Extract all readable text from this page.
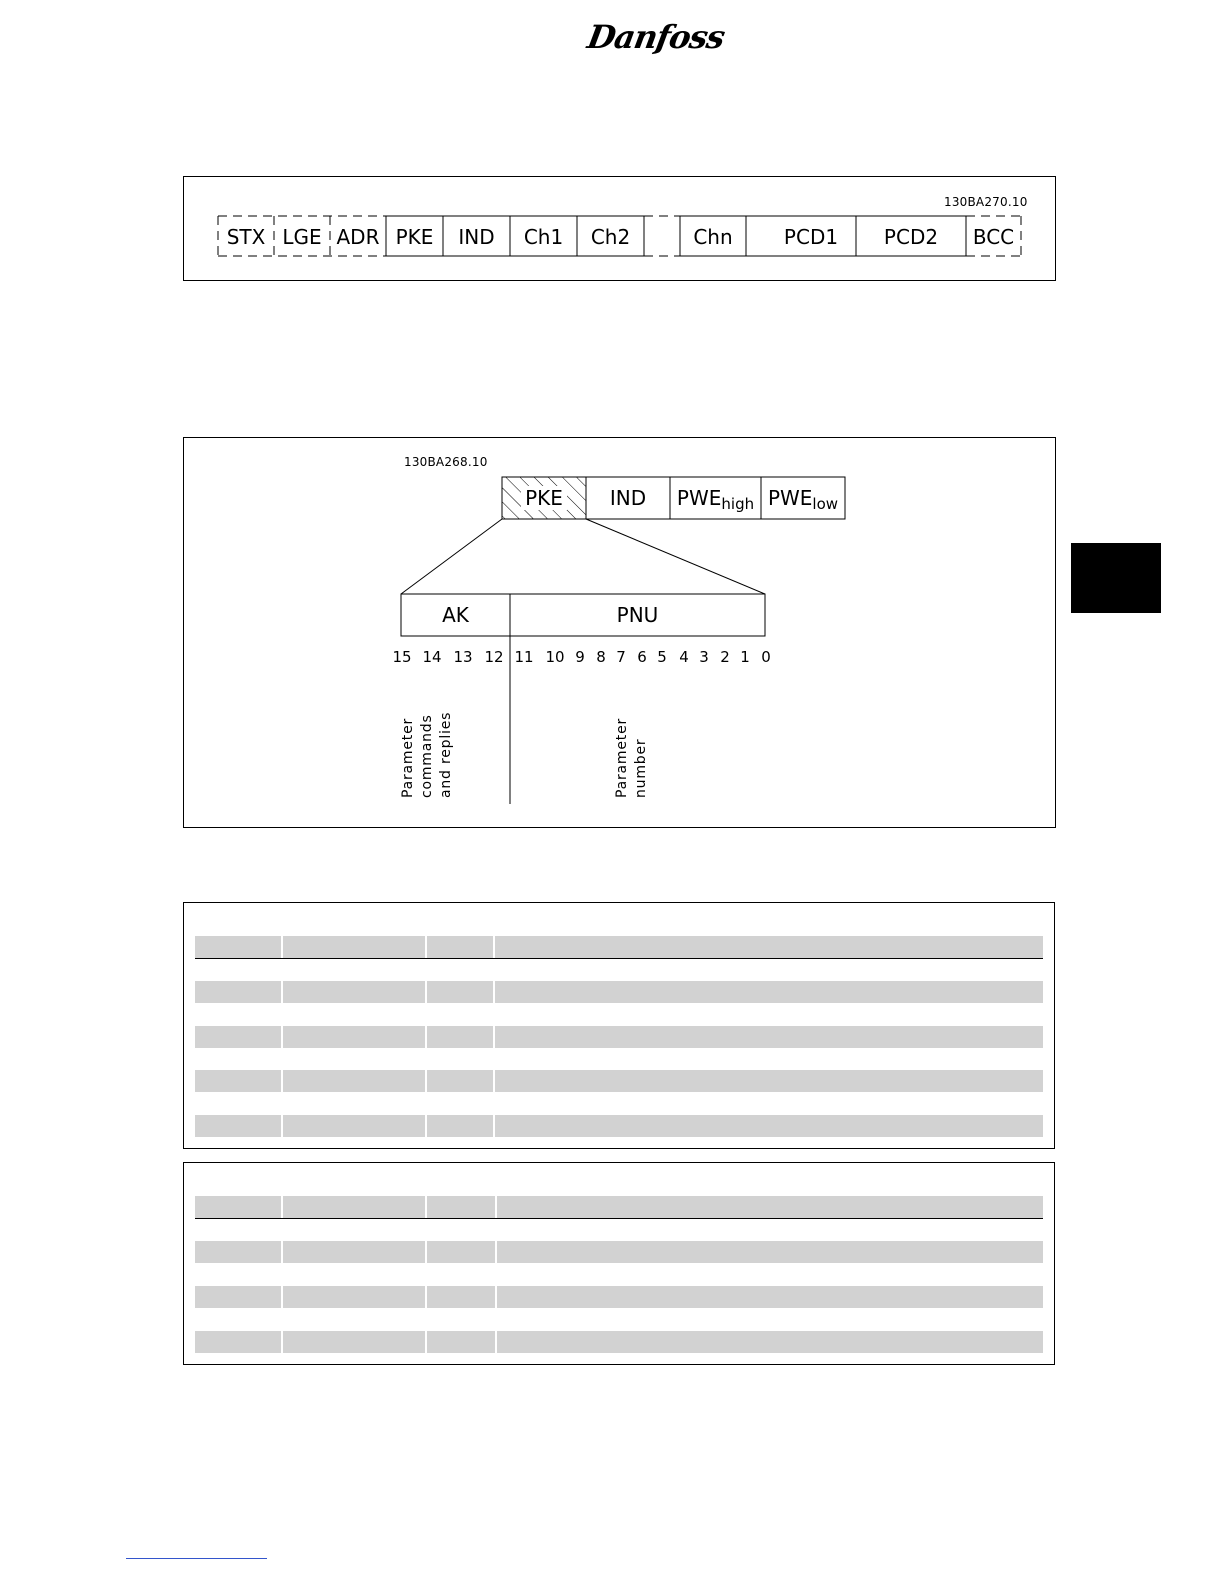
Danfoss
130BA270.10
STX LGE ADR PKE	IND	Ch1	Ch2	Chn	PCD1	PCD2	BCC
130BA268.10
PKE	IND	PWE high PWE low
AK	PNU
15 14 13 12 11 10 9 8 7 6 5 4 3 2 1 0
Parameter commands and replies	Parameter number
